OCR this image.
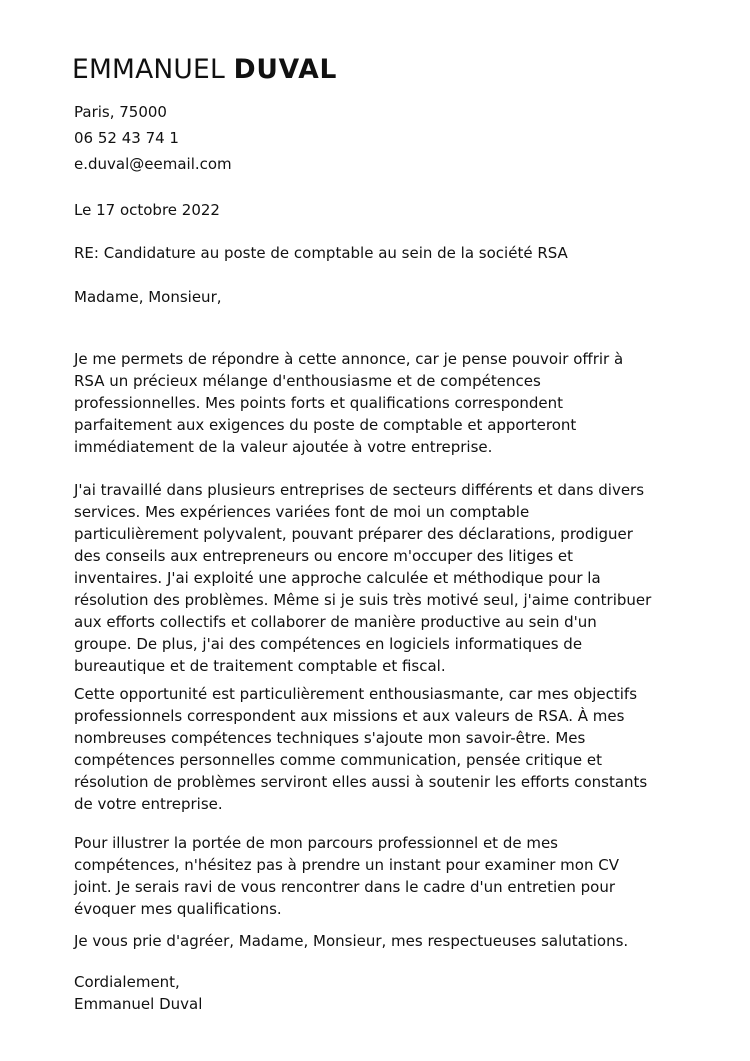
EMMANUEL DUVAL

Paris, 75000

06 52 43 74 1

e.duval@eemail.com

Le 17 octobre 2022

RE: Candidature au poste de comptable au sein de la société RSA

Madame, Monsieur,

Je me permets de répondre à cette annonce, car je pense pouvoir offrir à
RSA un précieux mélange d'enthousiasme et de compétences
professionnelles. Mes points forts et qualifications correspondent
parfaitement aux exigences du poste de comptable et apporteront
immédiatement de la valeur ajoutée à votre entreprise.
J'ai travaillé dans plusieurs entreprises de secteurs différents et dans divers
services. Mes expériences variées font de moi un comptable
particulièrement polyvalent, pouvant préparer des déclarations, prodiguer
des conseils aux entrepreneurs ou encore m'occuper des litiges et
inventaires. J'ai exploité une approche calculée et méthodique pour la
résolution des problèmes. Même si je suis très motivé seul, j'aime contribuer
aux efforts collectifs et collaborer de manière productive au sein d'un
groupe. De plus, j'ai des compétences en logiciels informatiques de
bureautique et de traitement comptable et fiscal.
Cette opportunité est particulièrement enthousiasmante, car mes objectifs
professionnels correspondent aux missions et aux valeurs de RSA. À mes
nombreuses compétences techniques s'ajoute mon savoir-être. Mes
compétences personnelles comme communication, pensée critique et
résolution de problèmes serviront elles aussi à soutenir les efforts constants
de votre entreprise.
Pour illustrer la portée de mon parcours professionnel et de mes
compétences, n'hésitez pas à prendre un instant pour examiner mon CV
joint. Je serais ravi de vous rencontrer dans le cadre d'un entretien pour
évoquer mes qualifications.

Je vous prie d'agréer, Madame, Monsieur, mes respectueuses salutations.

Cordialement,

Emmanuel Duval
